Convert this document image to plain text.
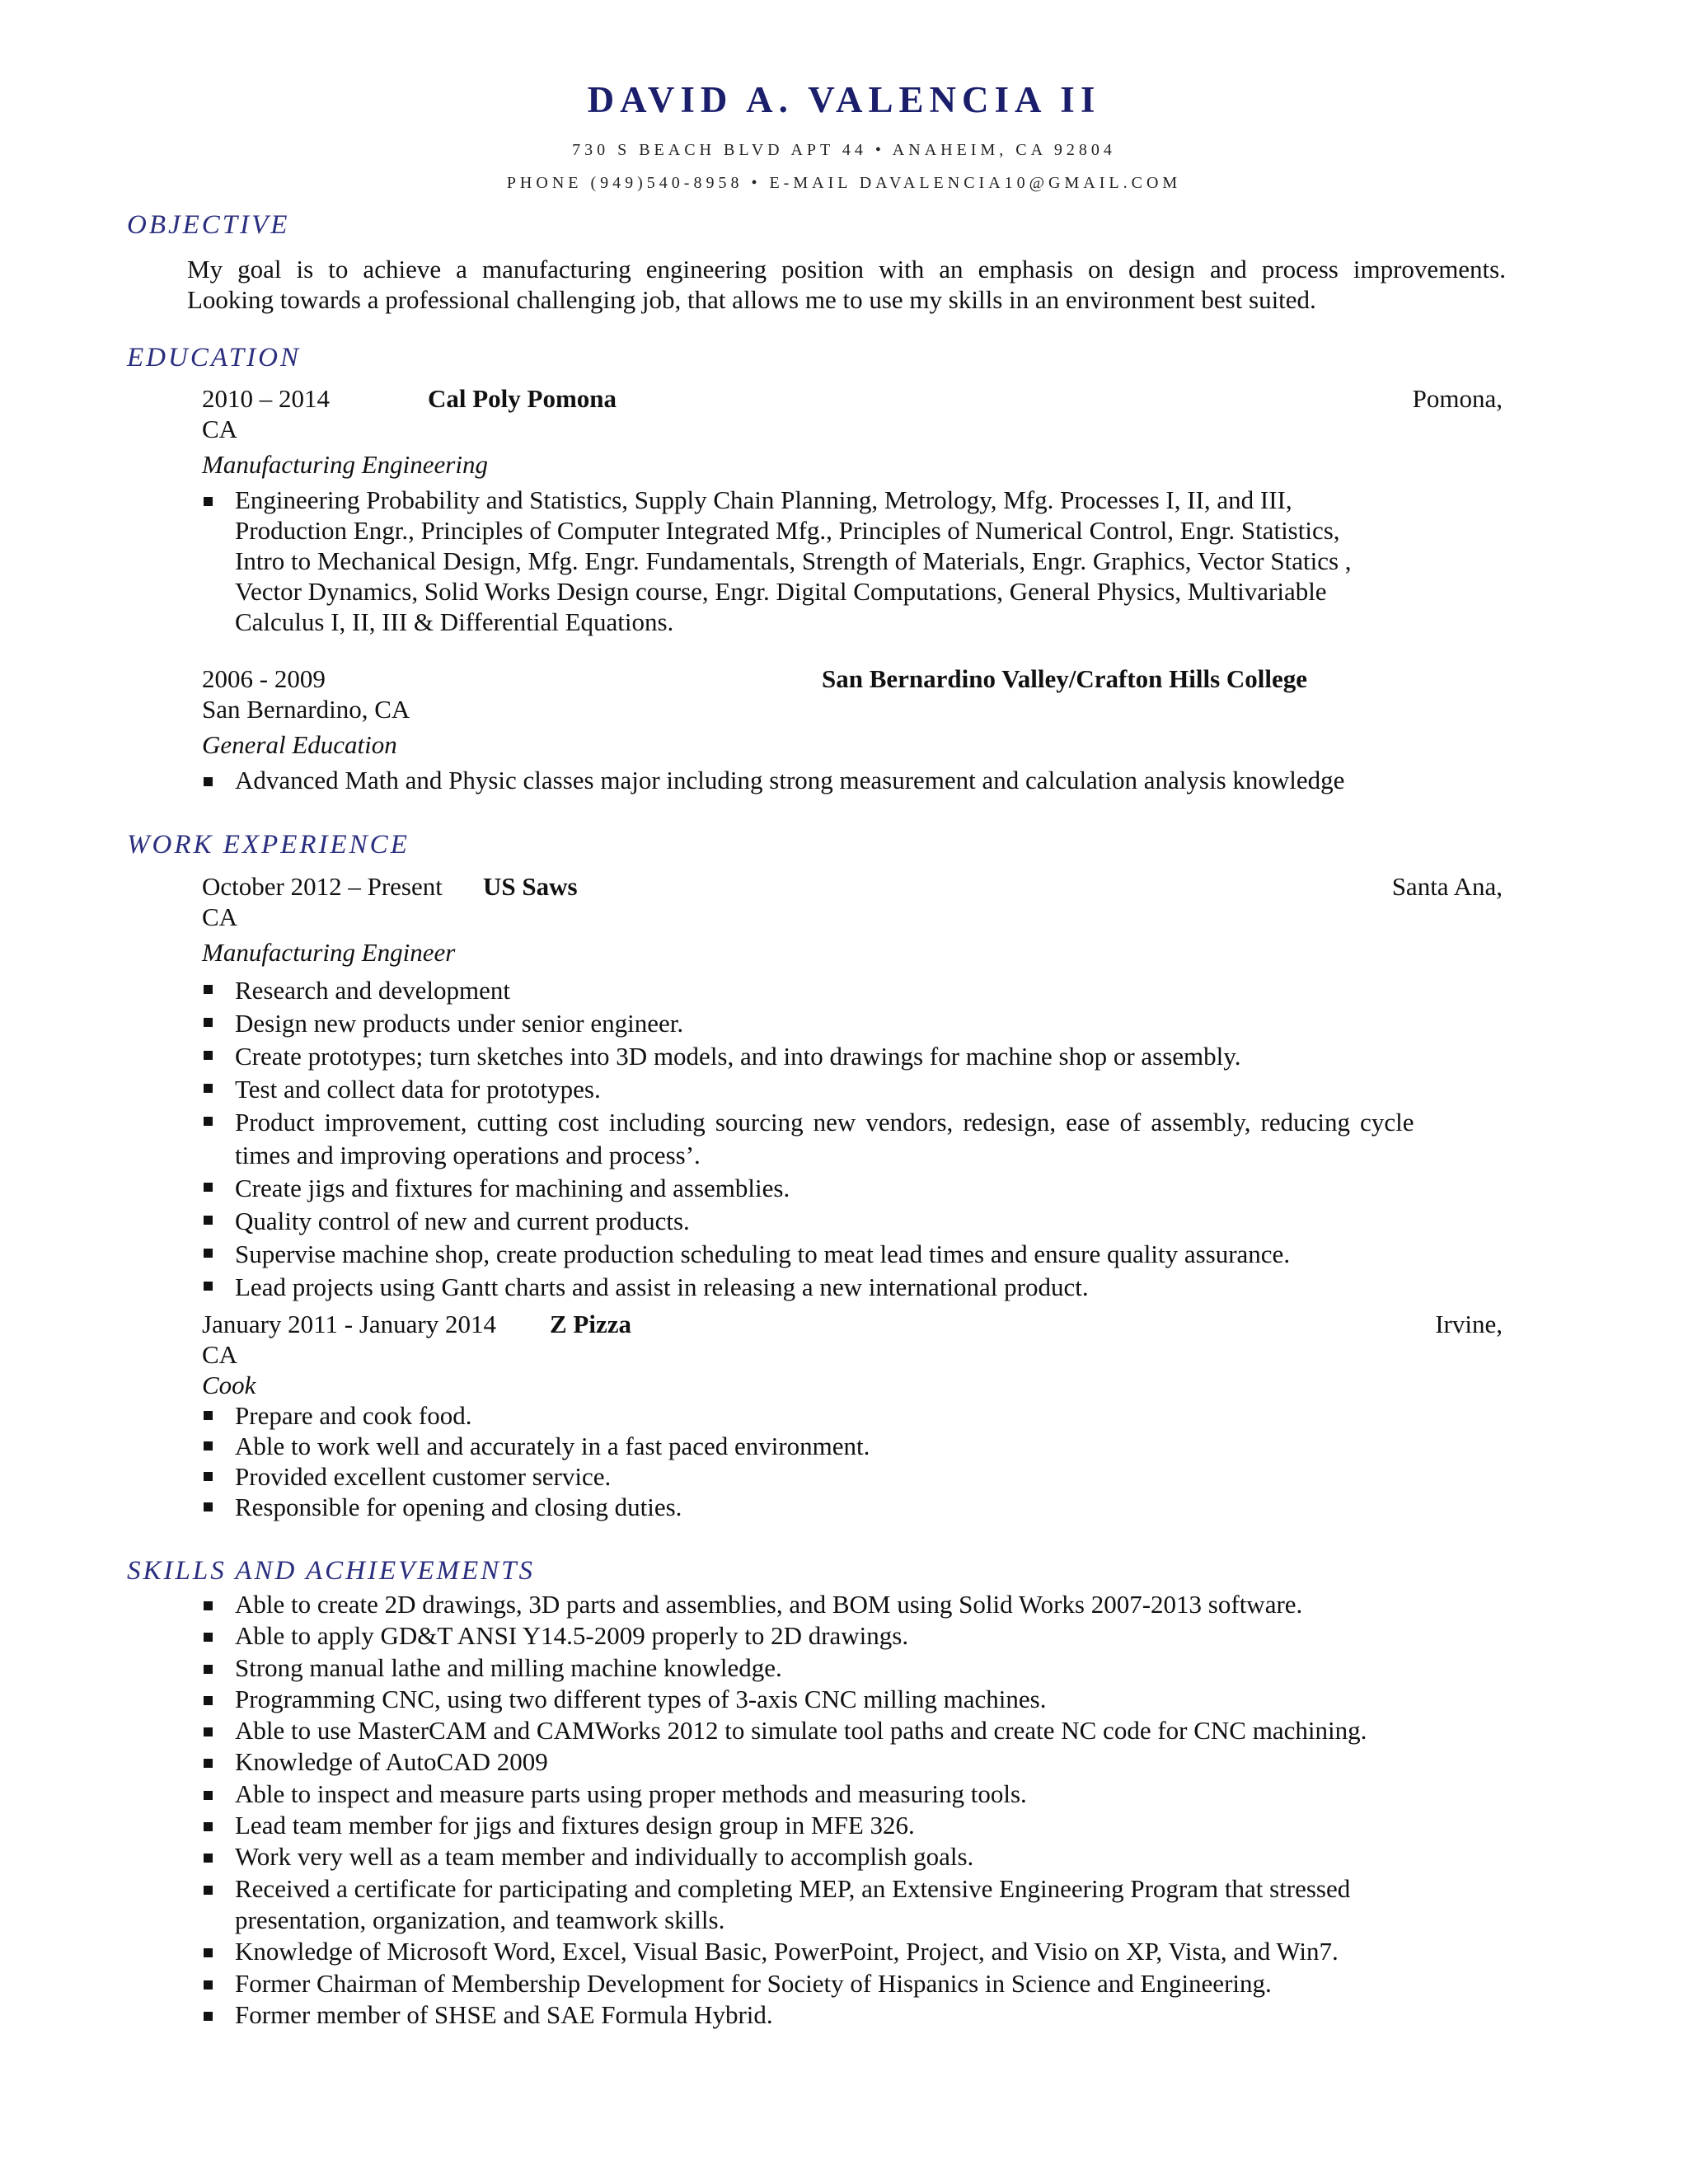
DAVID A. VALENCIA II
730 S BEACH BLVD APT 44 • ANAHEIM, CA 92804
PHONE (949)540-8958 • E-MAIL DAVALENCIA10@GMAIL.COM
OBJECTIVE
My goal is to achieve a manufacturing engineering position with an emphasis on design and process improvements.
Looking towards a professional challenging job, that allows me to use my skills in an environment best suited.
EDUCATION
2010 – 2014	Cal Poly Pomona	Pomona,
CA
Manufacturing Engineering
Engineering Probability and Statistics, Supply Chain Planning, Metrology, Mfg. Processes I, II, and III,
Production Engr., Principles of Computer Integrated Mfg., Principles of Numerical Control, Engr. Statistics,
Intro to Mechanical Design, Mfg. Engr. Fundamentals, Strength of Materials, Engr. Graphics, Vector Statics ,
Vector Dynamics, Solid Works Design course, Engr. Digital Computations, General Physics, Multivariable
Calculus I, II, III & Differential Equations.
2006 - 2009	San Bernardino Valley/Crafton Hills College
San Bernardino, CA
General Education
Advanced Math and Physic classes major including strong measurement and calculation analysis knowledge
WORK EXPERIENCE
October 2012 – Present US Saws	Santa Ana,
CA
Manufacturing Engineer
Research and development
Design new products under senior engineer.
Create prototypes; turn sketches into 3D models, and into drawings for machine shop or assembly.
Test and collect data for prototypes.
Product improvement, cutting cost including sourcing new vendors, redesign, ease of assembly, reducing cycle
times and improving operations and process’.
Create jigs and fixtures for machining and assemblies.
Quality control of new and current products.
Supervise machine shop, create production scheduling to meat lead times and ensure quality assurance.
Lead projects using Gantt charts and assist in releasing a new international product.
January 2011 - January 2014 Z Pizza	Irvine,
CA
Cook
Prepare and cook food.
Able to work well and accurately in a fast paced environment.
Provided excellent customer service.
Responsible for opening and closing duties.
SKILLS AND ACHIEVEMENTS
Able to create 2D drawings, 3D parts and assemblies, and BOM using Solid Works 2007-2013 software.
Able to apply GD&T ANSI Y14.5-2009 properly to 2D drawings.
Strong manual lathe and milling machine knowledge.
Programming CNC, using two different types of 3-axis CNC milling machines.
Able to use MasterCAM and CAMWorks 2012 to simulate tool paths and create NC code for CNC machining.
Knowledge of AutoCAD 2009
Able to inspect and measure parts using proper methods and measuring tools.
Lead team member for jigs and fixtures design group in MFE 326.
Work very well as a team member and individually to accomplish goals.
Received a certificate for participating and completing MEP, an Extensive Engineering Program that stressed
presentation, organization, and teamwork skills.
Knowledge of Microsoft Word, Excel, Visual Basic, PowerPoint, Project, and Visio on XP, Vista, and Win7.
Former Chairman of Membership Development for Society of Hispanics in Science and Engineering.
Former member of SHSE and SAE Formula Hybrid.
